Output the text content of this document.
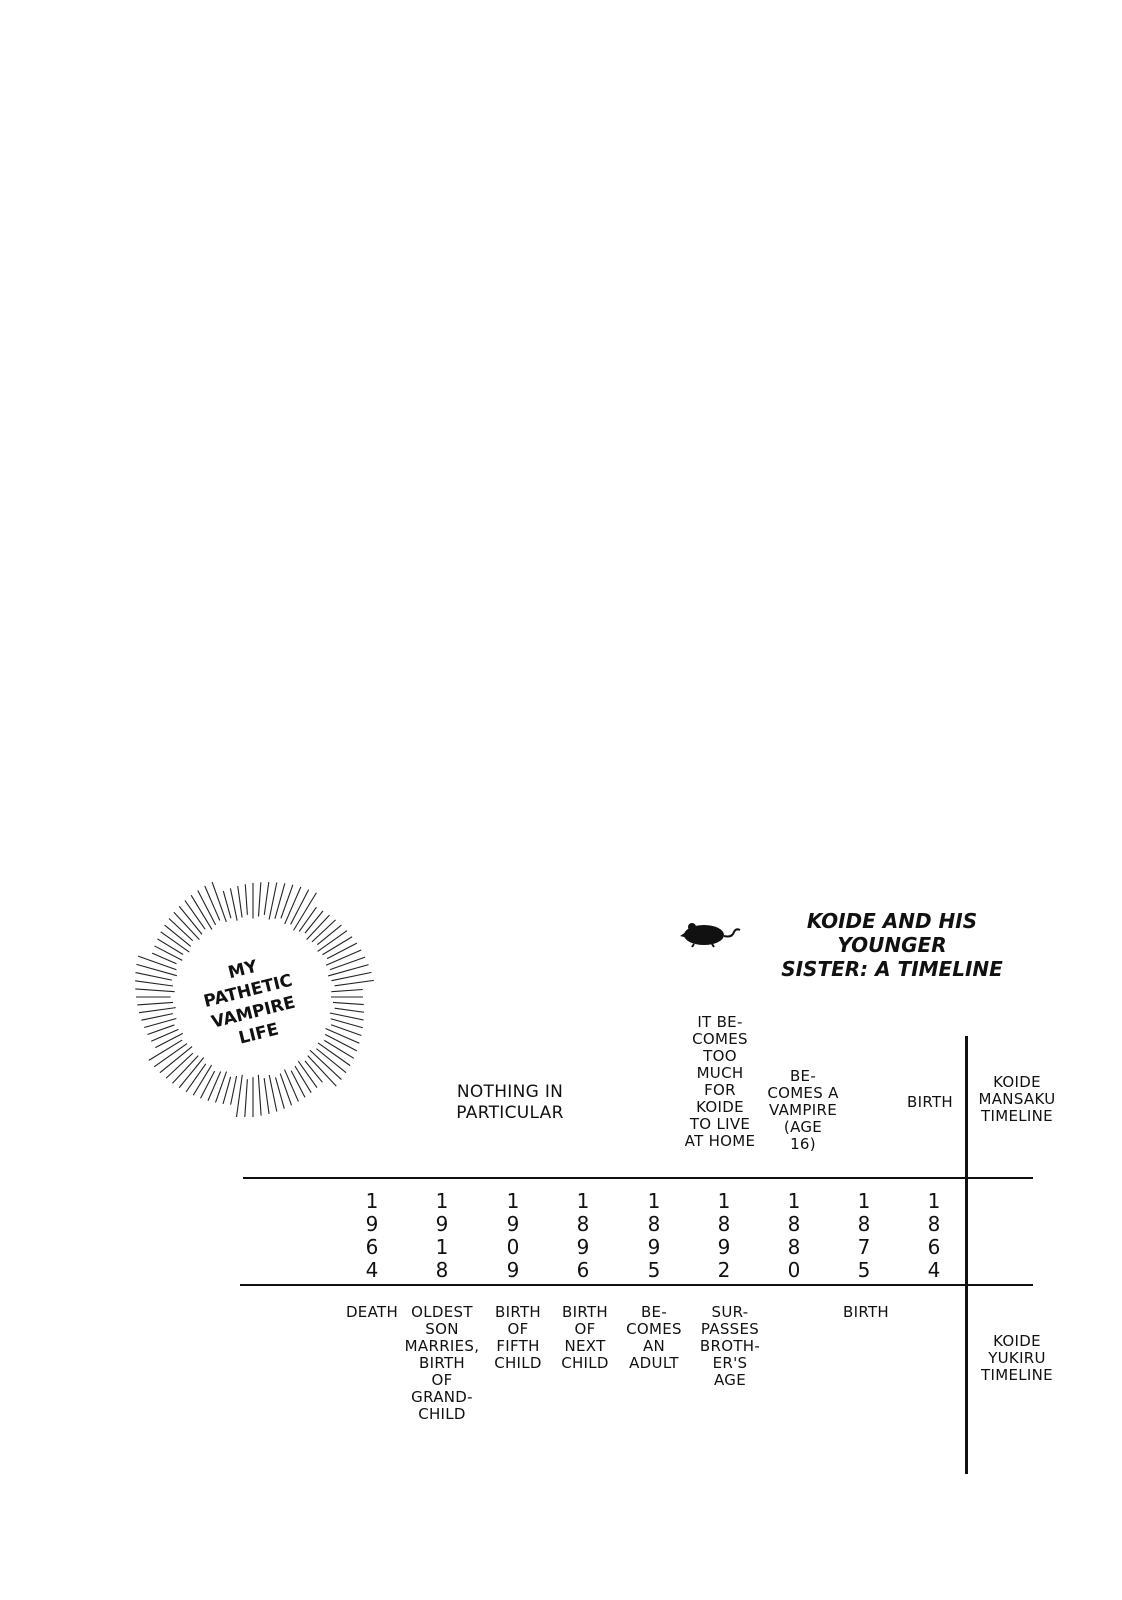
MY
PATHETIC
VAMPIRE
LIFE
KOIDE AND HIS YOUNGER
SISTER: A TIMELINE
NOTHING IN
PARTICULAR
IT BE-
COMES
TOO
MUCH
FOR
KOIDE
TO LIVE
AT HOME
BE-
COMES A
VAMPIRE
(AGE
16)
BIRTH
KOIDE
MANSAKU
TIMELINE
1
9
6
4
1
9
1
8
1
9
0
9
1
8
9
6
1
8
9
5
1
8
9
2
1
8
8
0
1
8
7
5
1
8
6
4
DEATH OLDEST
SON
MARRIES,
BIRTH
OF
GRAND-
CHILD
BIRTH
OF
FIFTH
CHILD
BIRTH
OF
NEXT
CHILD
BE-
COMES
AN
ADULT
SUR-
PASSES
BROTH-
ER'S
AGE
BIRTH
KOIDE
YUKIRU
TIMELINE
